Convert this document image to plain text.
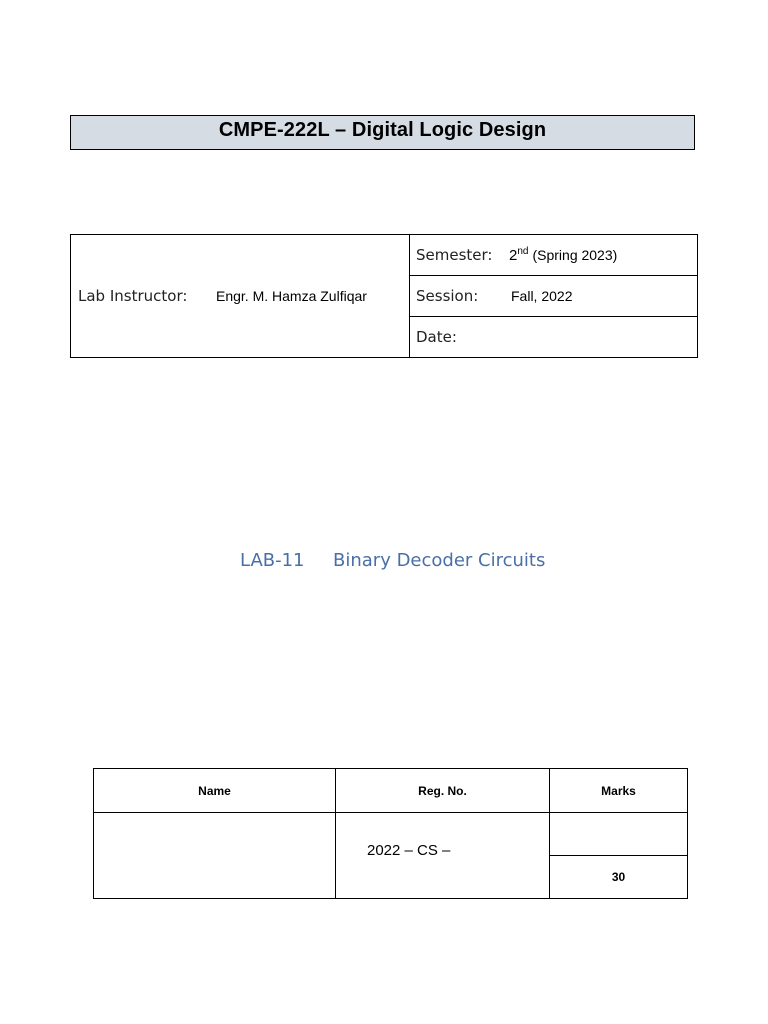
CMPE-222L – Digital Logic Design
Lab Instructor:	Engr. M. Hamza Zulfiqar

Semester:	2nd (Spring 2023)

Session:	Fall, 2022

Date:
LAB-11 Binary Decoder Circuits
Name	Reg. No.	Marks
	2022 – CS –	
		30
